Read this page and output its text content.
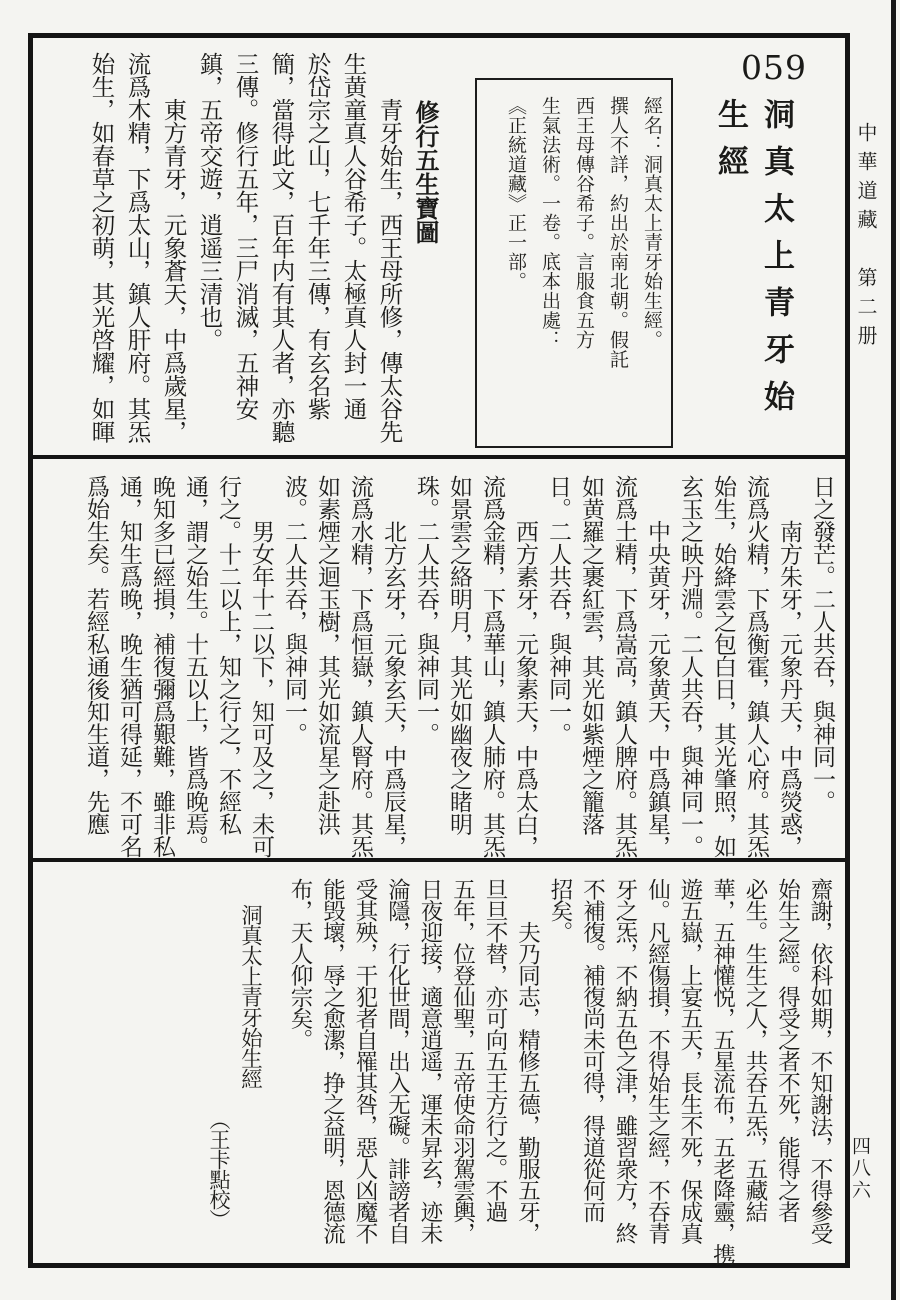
中華道藏　第二册
四八六
059
洞真太上青牙始
生經
經名：洞真太上青牙始生經。
撰人不詳，約出於南北朝。假託
西王母傳谷希子。言服食五方
生氣法術。一卷。底本出處：
《正統道藏》正一部。
修行五生寶圖
　　青牙始生，西王母所修，傳太谷先
生黄童真人谷希子。太極真人封一通
於岱宗之山，七千年三傳，有玄名紫
簡，當得此文，百年内有其人者，亦聽
三傳。修行五年，三尸消滅，五神安
鎮，五帝交遊，逍遥三清也。
　　東方青牙，元象蒼天，中爲歲星，
流爲木精，下爲太山，鎮人肝府。其炁
始生，如春草之初萌，其光啓耀，如暉
日之發芒。二人共吞，與神同一。
　　南方朱牙，元象丹天，中爲熒惑，
流爲火精，下爲衡霍，鎮人心府。其炁
始生，始絳雲之包白日，其光肇照，如
玄玉之映丹淵。二人共吞，與神同一。
　　中央黄牙，元象黄天，中爲鎮星，
流爲土精，下爲嵩高，鎮人脾府。其炁
如黄羅之裹紅雲，其光如紫煙之籠落
日。二人共吞，與神同一。
　　西方素牙，元象素天，中爲太白，
流爲金精，下爲華山，鎮人肺府。其炁
如景雲之絡明月，其光如幽夜之睹明
珠。二人共吞，與神同一。
　　北方玄牙，元象玄天，中爲辰星，
流爲水精，下爲恒嶽，鎮人腎府。其炁
如素煙之迴玉樹，其光如流星之赴洪
波。二人共吞，與神同一。
　　男女年十二以下，知可及之，未可
行之。十二以上，知之行之，不經私
通，謂之始生。十五以上，皆爲晚焉。
晚知多已經損，補復彌爲艱難，雖非私
通，知生爲晚，晚生猶可得延，不可名
爲始生矣。若經私通後知生道，先應
齋謝，依科如期，不知謝法，不得參受
始生之經。得受之者不死，能得之者
必生。生生之人，共吞五炁，五藏結
華，五神懽悦，五星流布，五老降靈，携
遊五嶽，上宴五天，長生不死，保成真
仙。凡經傷損，不得始生之經，不吞青
牙之炁，不納五色之津，雖習衆方，終
不補復。補復尚未可得，得道從何而
招矣。
　　夫乃同志，精修五德，勤服五牙，
旦旦不替，亦可向五王方行之。不過
五年，位登仙聖，五帝使命羽駕雲輿，
日夜迎接，適意逍遥，運未昇玄，迹未
淪隱，行化世間，出入无礙。誹謗者自
受其殃，干犯者自罹其咎，惡人凶魔不
能毁壞，辱之愈潔，挣之益明，恩德流
布，天人仰宗矣。
洞真太上青牙始生經
（王卡點校）
